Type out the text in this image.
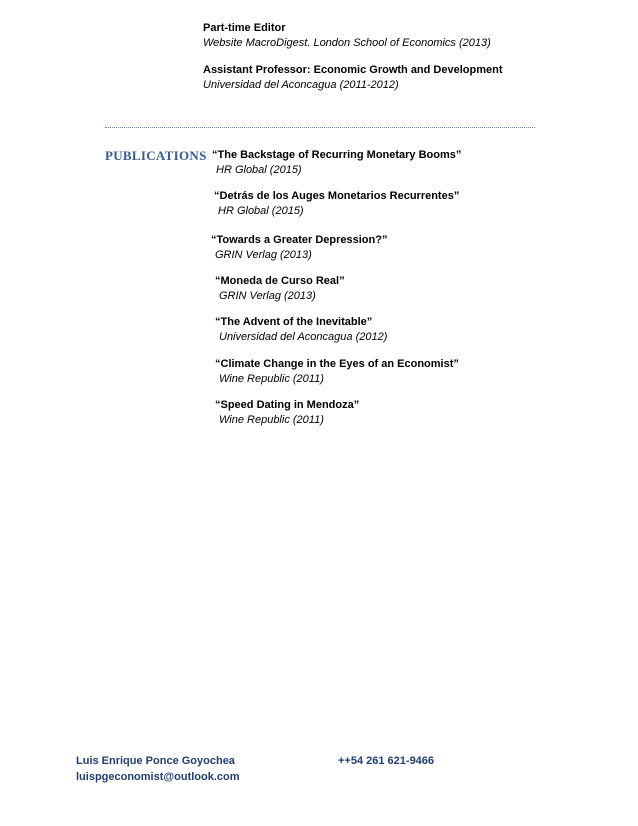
Part-time Editor
Website MacroDigest. London School of Economics (2013)
Assistant Professor: Economic Growth and Development
Universidad del Aconcagua (2011-2012)
PUBLICATIONS “The Backstage of Recurring Monetary Booms”
HR Global (2015)
“Detrás de los Auges Monetarios Recurrentes”
HR Global (2015)
“Towards a Greater Depression?”
GRIN Verlag (2013)
“Moneda de Curso Real”
GRIN Verlag (2013)
“The Advent of the Inevitable”
Universidad del Aconcagua (2012)
“Climate Change in the Eyes of an Economist”
Wine Republic (2011)
“Speed Dating in Mendoza”
Wine Republic (2011)
Luis Enrique Ponce Goyochea
luispgeconomist@outlook.com
++54 261 621-9466
